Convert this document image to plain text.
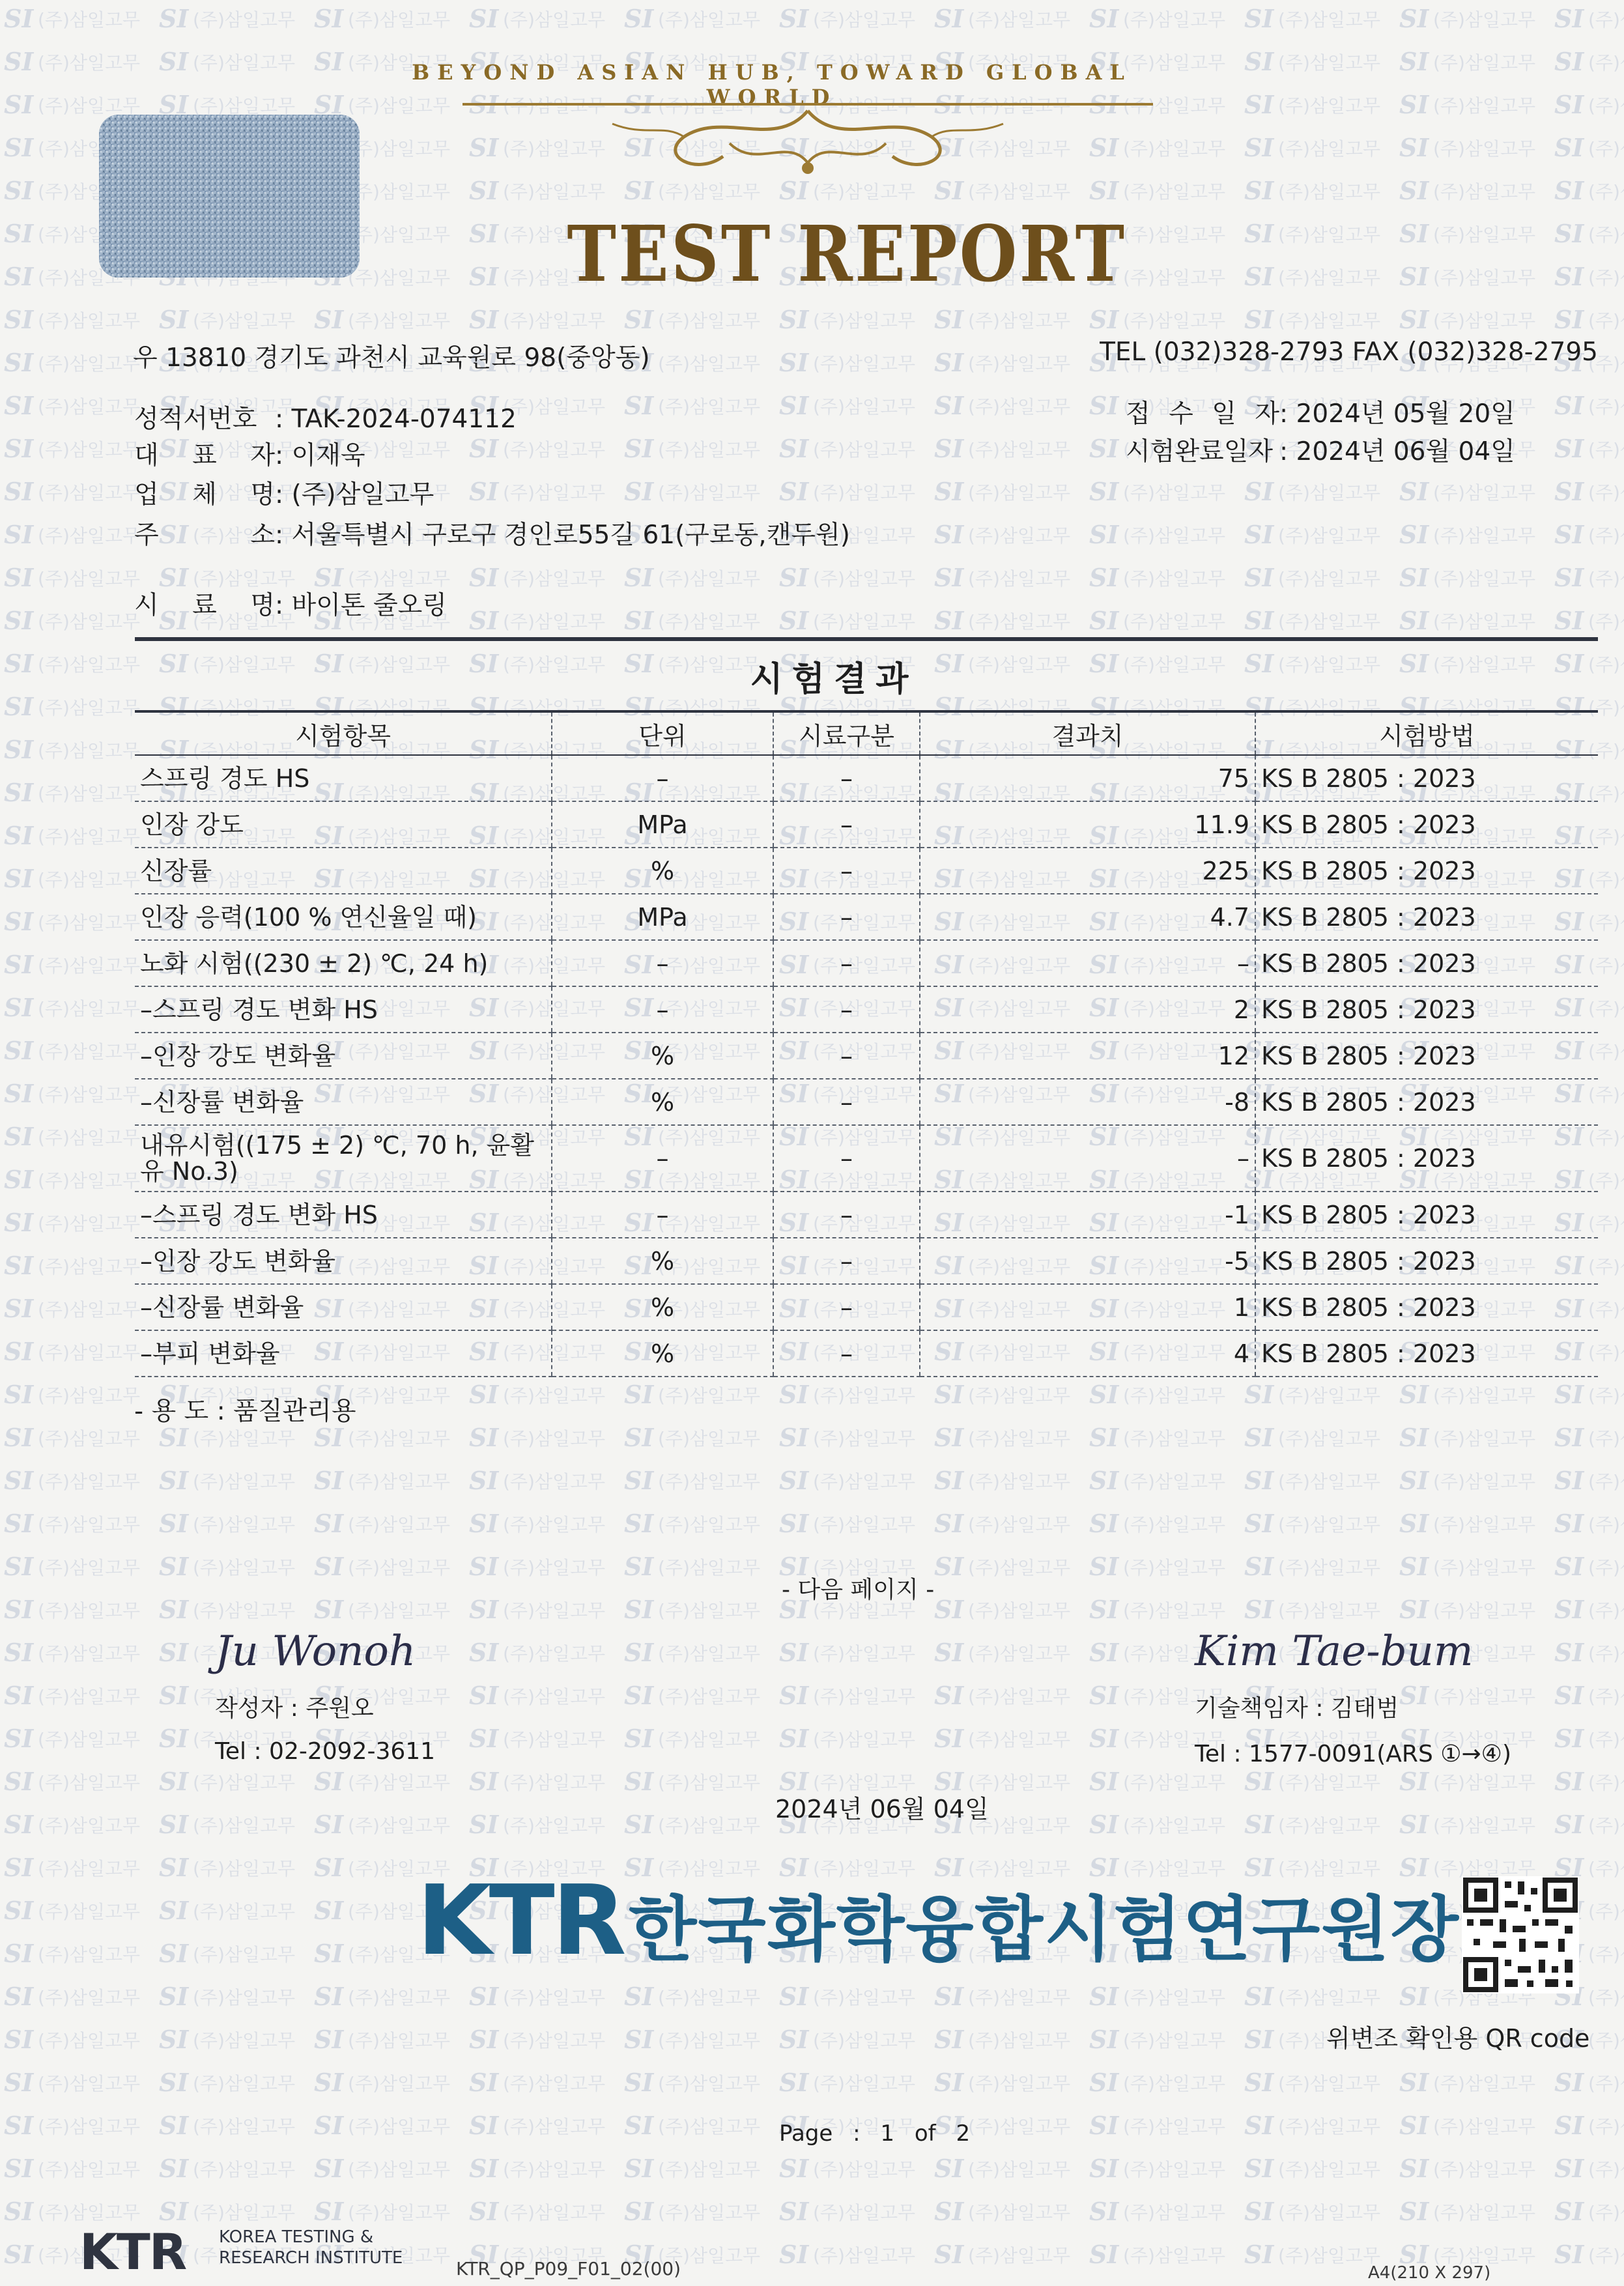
BEYOND ASIAN HUB, TOWARD GLOBAL WORLD
TEST REPORT
우 13810 경기도 과천시 교육원로 98(중앙동)	TEL (032)328-2793 FAX (032)328-2795
성적서번호 : TAK-2024-074112
대 표 자: 이재욱
업 체 명: (주)삼일고무
주 소: 서울특별시 구로구 경인로55길 61(구로동,캔두원)
시 료 명: 바이톤 줄오링
접 수 일 자: 2024년 05월 20일
시험완료일자 : 2024년 06월 04일
시험결과
시험항목	단위	시료구분	결과치	시험방법
스프링 경도 HS	–	–	75	KS B 2805 : 2023
인장 강도	MPa	–	11.9	KS B 2805 : 2023
신장률	%	–	225	KS B 2805 : 2023
인장 응력(100 % 연신율일 때)	MPa	–	4.7	KS B 2805 : 2023
노화 시험((230 ± 2) ℃, 24 h)	–	–	–	KS B 2805 : 2023
–스프링 경도 변화 HS	–	–	2	KS B 2805 : 2023
–인장 강도 변화율	%	–	12	KS B 2805 : 2023
–신장률 변화율	%	–	-8	KS B 2805 : 2023
내유시험((175 ± 2) ℃, 70 h, 윤활유 No.3)	–	–	–	KS B 2805 : 2023
–스프링 경도 변화 HS	–	–	-1	KS B 2805 : 2023
–인장 강도 변화율	%	–	-5	KS B 2805 : 2023
–신장률 변화율	%	–	1	KS B 2805 : 2023
–부피 변화율	%	–	4	KS B 2805 : 2023
- 용 도 : 품질관리용
- 다음 페이지 -
Ju Wonoh
작성자 : 주원오
Tel : 02-2092-3611
Kim Tae-bum
기술책임자 : 김태범
Tel : 1577-0091(ARS ①→④)
2024년 06월 04일
KTR 한국화학융합시험연구원장
위변조 확인용 QR code
Page : 1 of 2
KTR KOREA TESTING &
RESEARCH INSTITUTE	KTR_QP_P09_F01_02(00)	A4(210 X 297)
